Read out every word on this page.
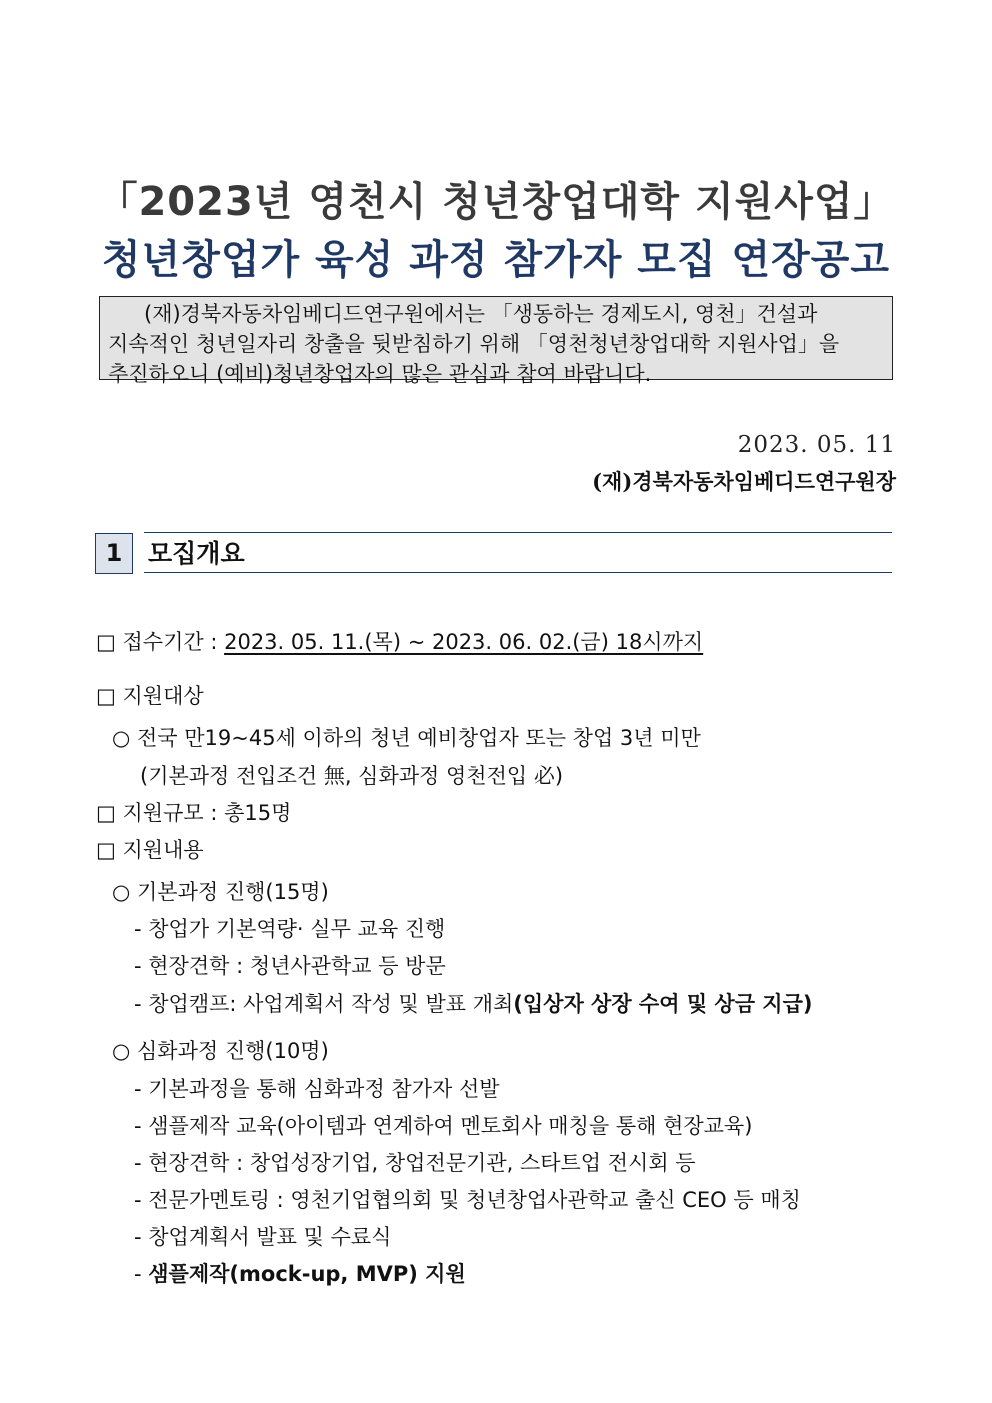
「2023년 영천시 청년창업대학 지원사업」
청년창업가 육성 과정 참가자 모집 연장공고
(재)경북자동차임베디드연구원에서는 「생동하는 경제도시, 영천」건설과
지속적인 청년일자리 창출을 뒷받침하기 위해 「영천청년창업대학 지원사업」을
추진하오니 (예비)청년창업자의 많은 관심과 참여 바랍니다.
2023. 05. 11
(재)경북자동차임베디드연구원장
1	모집개요
□ 접수기간 : 2023. 05. 11.(목) ~ 2023. 06. 02.(금) 18시까지
□ 지원대상
○ 전국 만19~45세 이하의 청년 예비창업자 또는 창업 3년 미만
(기본과정 전입조건 無, 심화과정 영천전입 必)
□ 지원규모 : 총15명
□ 지원내용
○ 기본과정 진행(15명)
- 창업가 기본역량· 실무 교육 진행
- 현장견학 : 청년사관학교 등 방문
- 창업캠프: 사업계획서 작성 및 발표 개최(입상자 상장 수여 및 상금 지급)
○ 심화과정 진행(10명)
- 기본과정을 통해 심화과정 참가자 선발
- 샘플제작 교육(아이템과 연계하여 멘토회사 매칭을 통해 현장교육)
- 현장견학 : 창업성장기업, 창업전문기관, 스타트업 전시회 등
- 전문가멘토링 : 영천기업협의회 및 청년창업사관학교 출신 CEO 등 매칭
- 창업계획서 발표 및 수료식
- 샘플제작(mock-up, MVP) 지원
